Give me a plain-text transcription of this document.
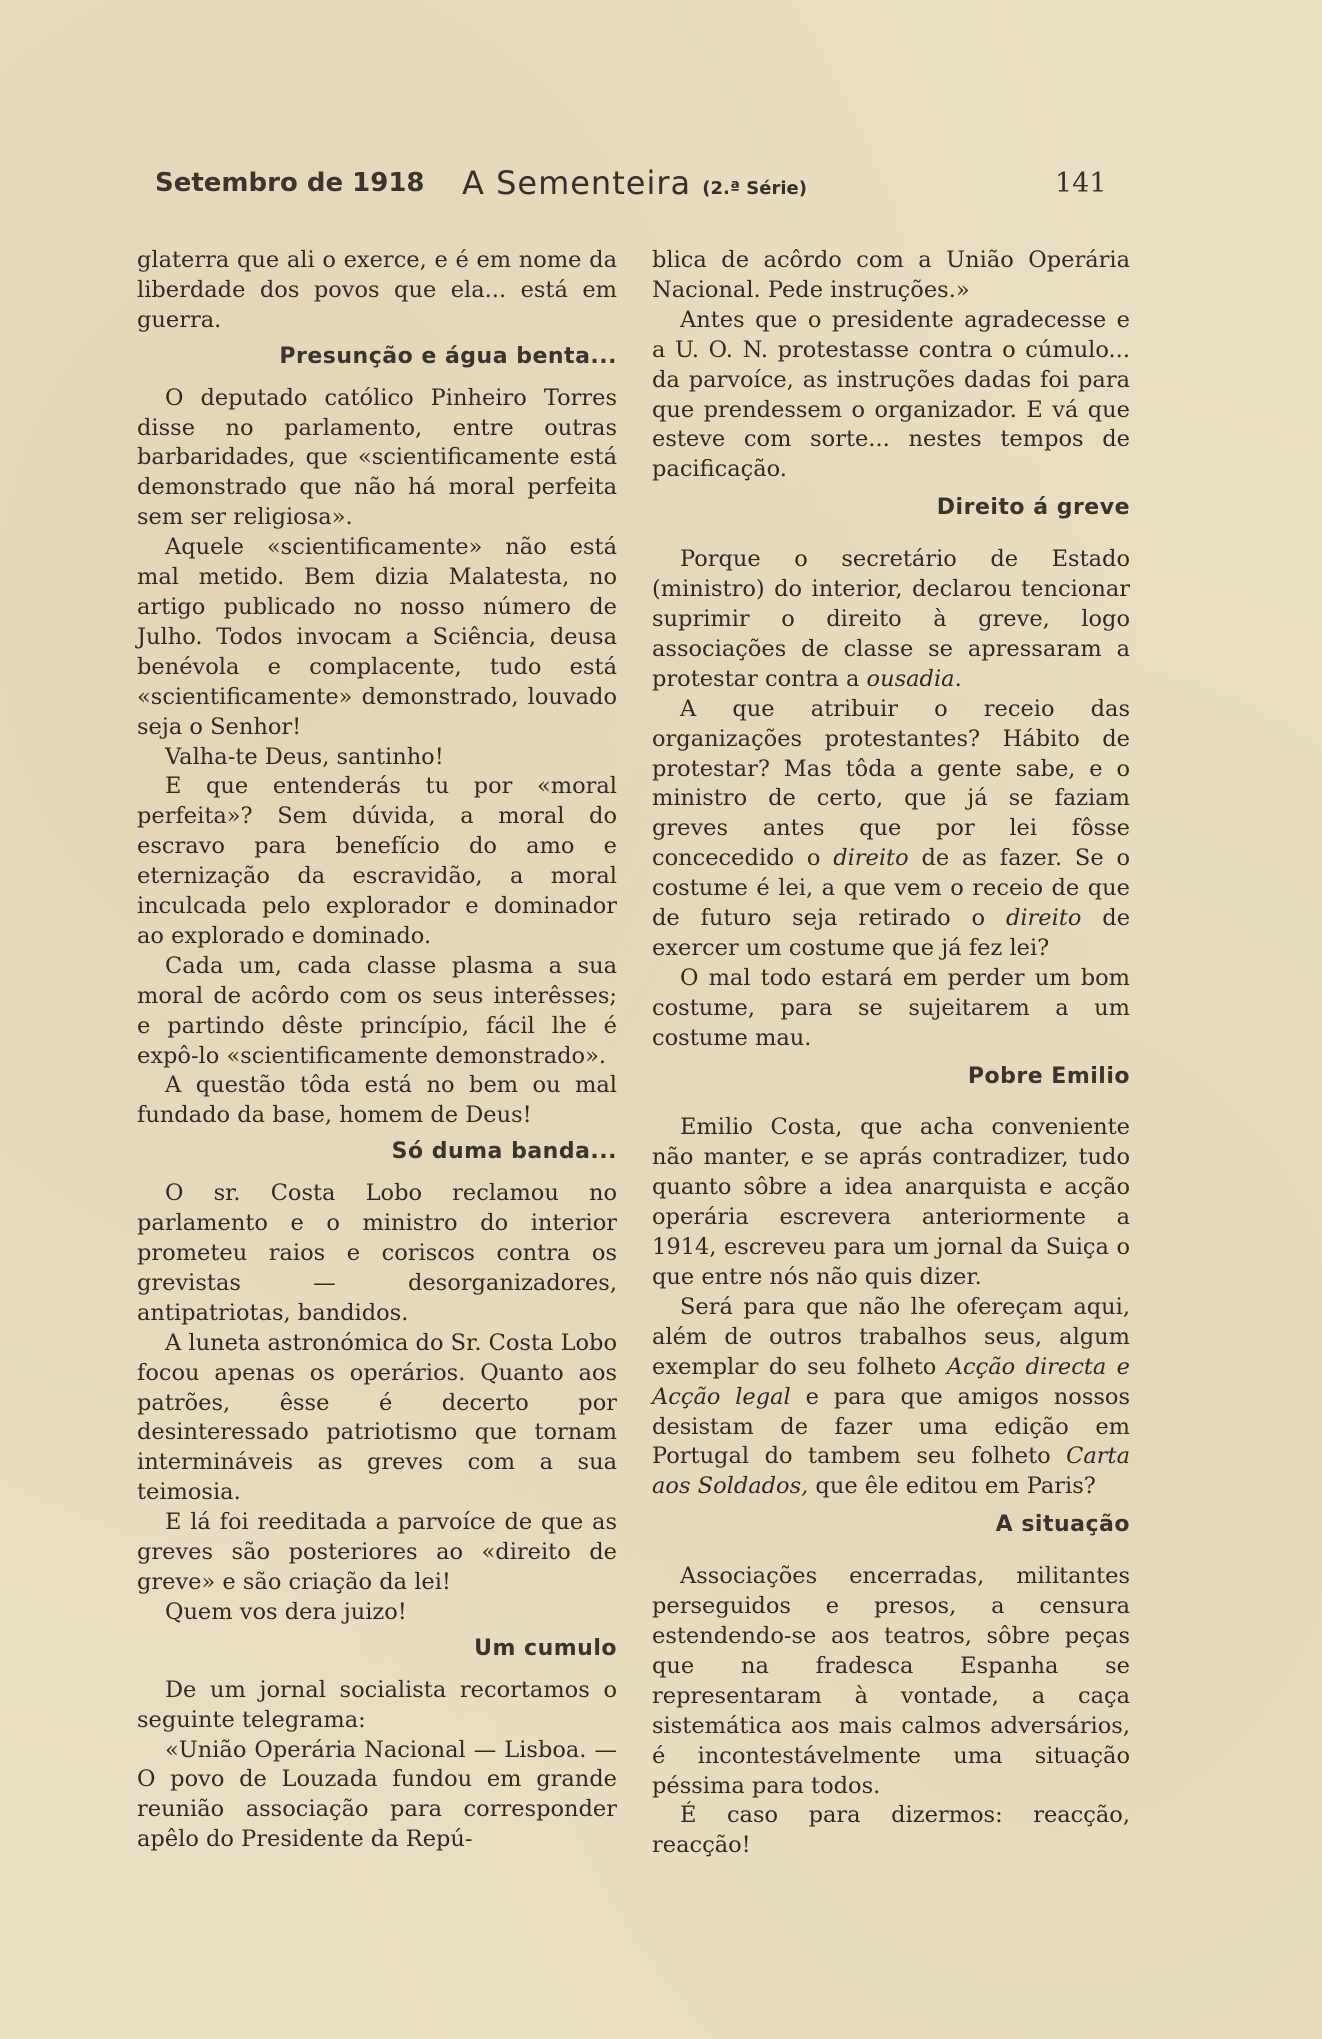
Setembro de 1918 A Sementeira (2.ª Série)	141

glaterra que ali o exerce, e é em nome da liberdade dos povos que ela... está em guerra.

Presunção e água benta...

O deputado católico Pinheiro Torres disse no parlamento, entre outras barbaridades, que «scientificamente está demonstrado que não há moral perfeita sem ser religiosa».

Aquele «scientificamente» não está mal metido. Bem dizia Malatesta, no artigo publicado no nosso número de Julho. Todos invocam a Sciência, deusa benévola e complacente, tudo está «scientificamente» demonstrado, louvado seja o Senhor!

Valha-te Deus, santinho!

E que entenderás tu por «moral perfeita»? Sem dúvida, a moral do escravo para benefício do amo e eternização da escravidão, a moral inculcada pelo explorador e dominador ao explorado e dominado.

Cada um, cada classe plasma a sua moral de acôrdo com os seus interêsses; e partindo dêste princípio, fácil lhe é expô-lo «scientificamente demonstrado».

A questão tôda está no bem ou mal fundado da base, homem de Deus!

Só duma banda...

O sr. Costa Lobo reclamou no parlamento e o ministro do interior prometeu raios e coriscos contra os grevistas — desorganizadores, antipatriotas, bandidos.

A luneta astronómica do Sr. Costa Lobo focou apenas os operários. Quanto aos patrões, êsse é decerto por desinteressado patriotismo que tornam intermináveis as greves com a sua teimosia.

E lá foi reeditada a parvoíce de que as greves são posteriores ao «direito de greve» e são criação da lei!

Quem vos dera juizo!

Um cumulo

De um jornal socialista recortamos o seguinte telegrama:

«União Operária Nacional — Lisboa. — O povo de Louzada fundou em grande reunião associação para corresponder apêlo do Presidente da Repú-

blica de acôrdo com a União Operária Nacional. Pede instruções.»

Antes que o presidente agradecesse e a U. O. N. protestasse contra o cúmulo... da parvoíce, as instruções dadas foi para que prendessem o organizador. E vá que esteve com sorte... nestes tempos de pacificação.

Direito á greve

Porque o secretário de Estado (ministro) do interior, declarou tencionar suprimir o direito à greve, logo associações de classe se apressaram a protestar contra a ousadia.

A que atribuir o receio das organizações protestantes? Hábito de protestar? Mas tôda a gente sabe, e o ministro de certo, que já se faziam greves antes que por lei fôsse concecedido o direito de as fazer. Se o costume é lei, a que vem o receio de que de futuro seja retirado o direito de exercer um costume que já fez lei?

O mal todo estará em perder um bom costume, para se sujeitarem a um costume mau.

Pobre Emilio

Emilio Costa, que acha conveniente não manter, e se aprás contradizer, tudo quanto sôbre a idea anarquista e acção operária escrevera anteriormente a 1914, escreveu para um jornal da Suiça o que entre nós não quis dizer.

Será para que não lhe ofereçam aqui, além de outros trabalhos seus, algum exemplar do seu folheto Acção directa e Acção legal e para que amigos nossos desistam de fazer uma edição em Portugal do tambem seu folheto Carta aos Soldados, que êle editou em Paris?

A situação

Associações encerradas, militantes perseguidos e presos, a censura estendendo-se aos teatros, sôbre peças que na fradesca Espanha se representaram à vontade, a caça sistemática aos mais calmos adversários, é incontestávelmente uma situação péssima para todos.

É caso para dizermos: reacção, reacção!
